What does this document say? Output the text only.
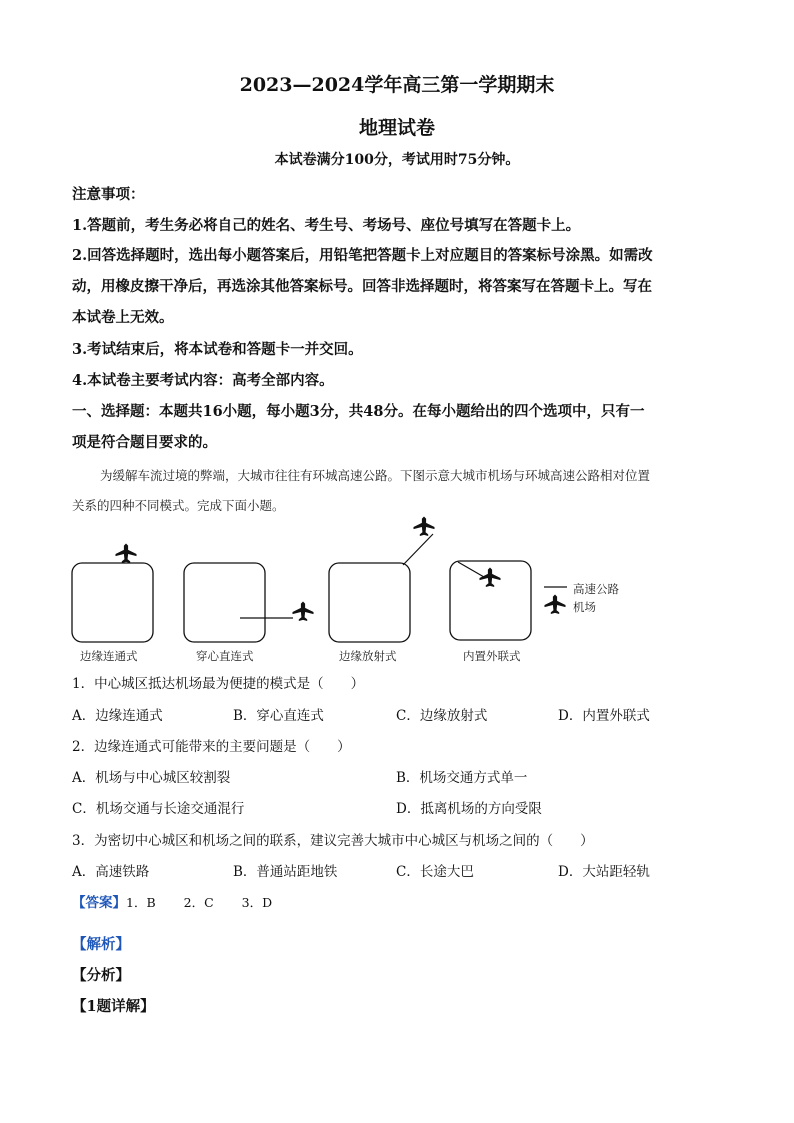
2023—2024学年高三第一学期期末
地理试卷
本试卷满分100分，考试用时75分钟。
注意事项：
1.答题前，考生务必将自己的姓名、考生号、考场号、座位号填写在答题卡上。
2.回答选择题时，选出每小题答案后，用铅笔把答题卡上对应题目的答案标号涂黑。如需改
动，用橡皮擦干净后，再选涂其他答案标号。回答非选择题时，将答案写在答题卡上。写在
本试卷上无效。
3.考试结束后，将本试卷和答题卡一并交回。
4.本试卷主要考试内容：高考全部内容。
一、选择题：本题共16小题，每小题3分，共48分。在每小题给出的四个选项中，只有一
项是符合题目要求的。
为缓解车流过境的弊端，大城市往往有环城高速公路。下图示意大城市机场与环城高速公路相对位置
关系的四种不同模式。完成下面小题。
边缘连通式	穿心直连式	边缘放射式	内置外联式
高速公路
机场
1．中心城区抵达机场最为便捷的模式是（　　）
A．边缘连通式	B．穿心直连式	C．边缘放射式	D．内置外联式
2．边缘连通式可能带来的主要问题是（　　）
A．机场与中心城区较割裂	B．机场交通方式单一
C．机场交通与长途交通混行	D．抵离机场的方向受限
3．为密切中心城区和机场之间的联系，建议完善大城市中心城区与机场之间的（　　）
A．高速铁路	B．普通站距地铁	C．长途大巴	D．大站距轻轨
【答案】1．B 2．C 3．D
【解析】
【分析】
【1题详解】
